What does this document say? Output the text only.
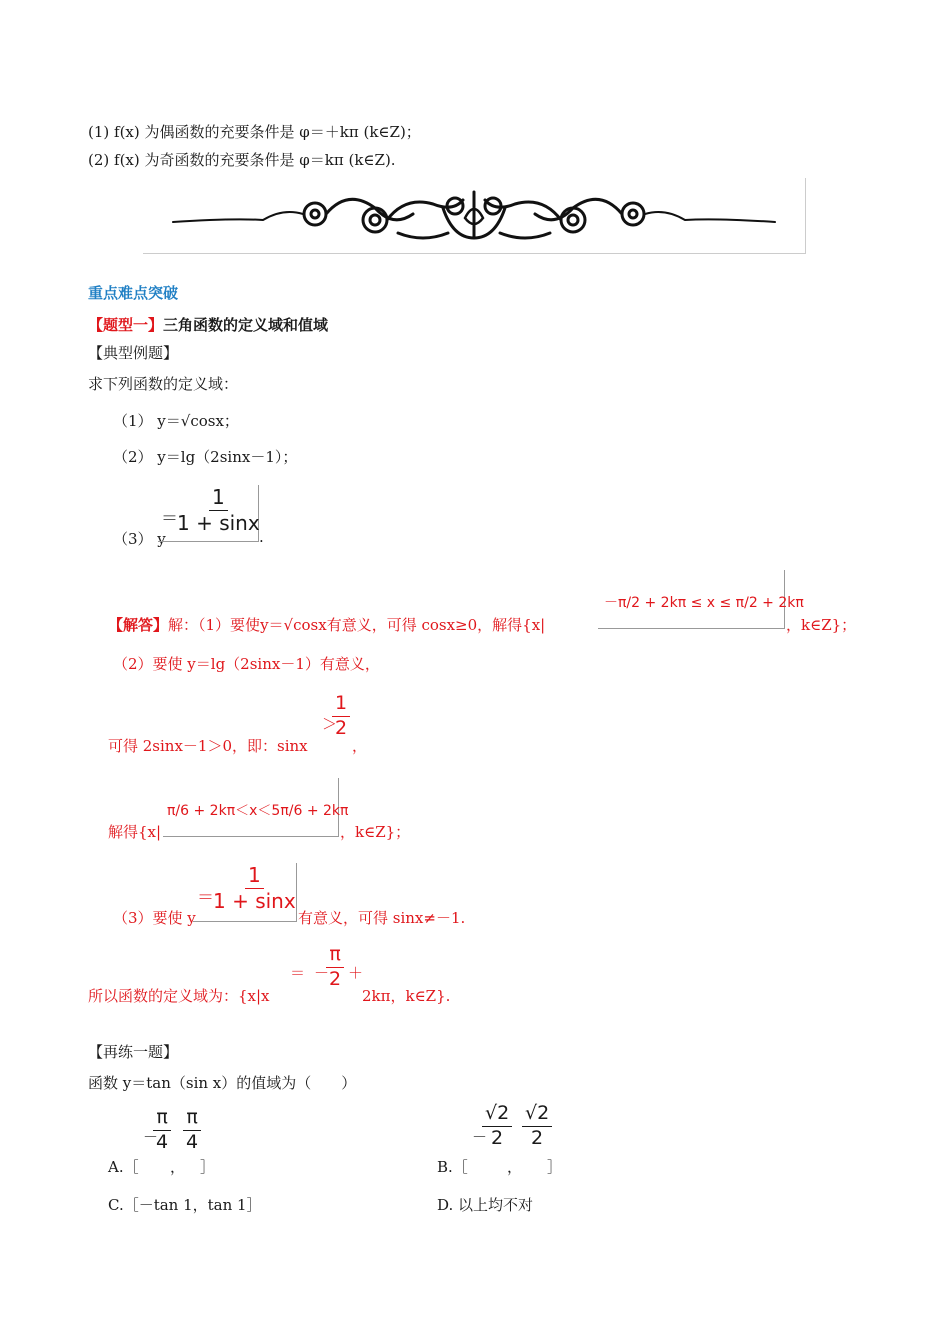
(1) f(x) 为偶函数的充要条件是 φ＝＋kπ (k∈Z)；
(2) f(x) 为奇函数的充要条件是 φ＝kπ (k∈Z).
重点难点突破
【题型一】三角函数的定义域和值域
【典型例题】
求下列函数的定义域：
（1） y＝√cosx；
（2） y＝lg（2sinx－1）；
（3） y
＝
$\frac{1}{1 + \sin x}$
.
【解答】解：（1）要使y＝√cosx有意义，可得 cosx≥0，解得{x|
－π/2 + 2kπ ≤ x ≤ π/2 + 2kπ
，k∈Z}；
（2）要使 y＝lg（2sinx－1）有意义，
可得 2sinx－1＞0，即：sinx
＞
$\frac{1}{2}$
，
解得{x|
π/6 + 2kπ＜x＜5π/6 + 2kπ
，k∈Z}；
（3）要使 y
＝
$\frac{1}{1 + \sin x}$
有意义，可得 sinx≠－1.
所以函数的定义域为：{x|x
＝ －
$\frac{\pi}{2}$ ＋
2kπ，k∈Z}.
【再练一题】
函数 y＝tan（sin x）的值域为（　　）
A.［
－
$\frac{\pi}{4}$
，
$\frac{\pi}{4}$
］	B.［
－
$\frac{√2}{2}$
，
$\frac{√2}{2}$
］
C.［－tan 1，tan 1］	D. 以上均不对
